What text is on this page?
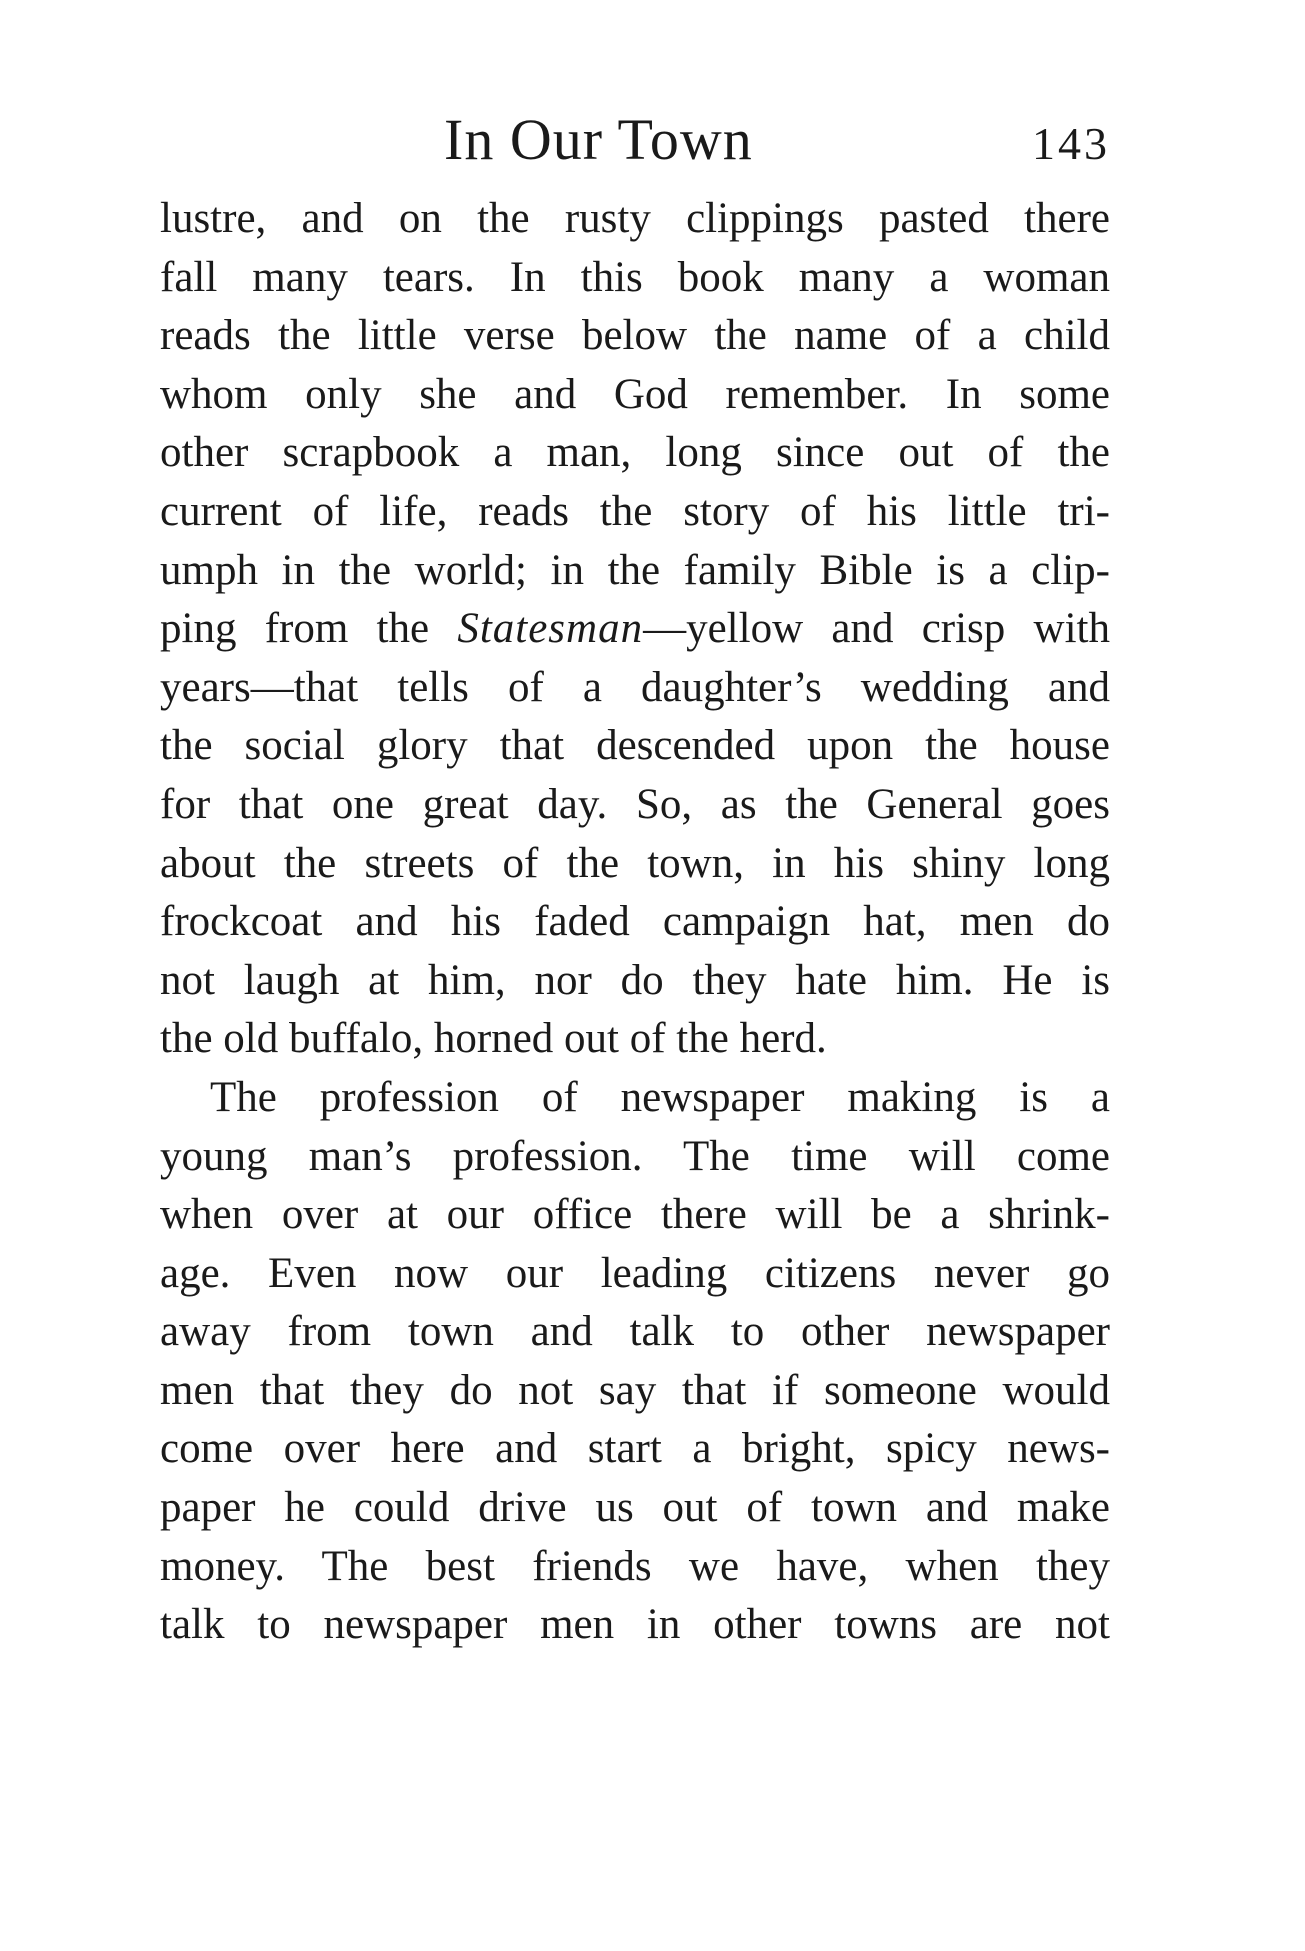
In Our Town	143
lustre, and on the rusty clippings pasted there
fall many tears. In this book many a woman
reads the little verse below the name of a child
whom only she and God remember. In some
other scrapbook a man, long since out of the
current of life, reads the story of his little tri-
umph in the world; in the family Bible is a clip-
ping from the Statesman—yellow and crisp with
years—that tells of a daughter’s wedding and
the social glory that descended upon the house
for that one great day. So, as the General goes
about the streets of the town, in his shiny long
frockcoat and his faded campaign hat, men do
not laugh at him, nor do they hate him. He is
the old buffalo, horned out of the herd.
The profession of newspaper making is a
young man’s profession. The time will come
when over at our office there will be a shrink-
age. Even now our leading citizens never go
away from town and talk to other newspaper
men that they do not say that if someone would
come over here and start a bright, spicy news-
paper he could drive us out of town and make
money. The best friends we have, when they
talk to newspaper men in other towns are not
